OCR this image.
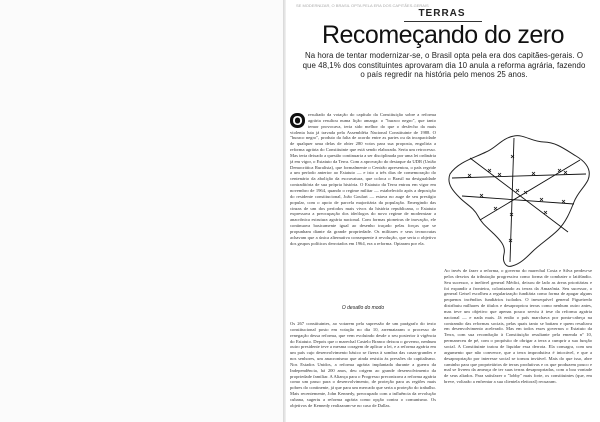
SE MODERNIZAR, O BRASIL OPTA PELA ERA DOS CAPITÃES-GERAIS
TERRAS
Recomeçando do zero
Na hora de tentar modernizar-se, o Brasil opta pela era dos capitães-gerais. O que 48,1% dos constituintes aprovaram dia 10 anula a reforma agrária, fazendo o país regredir na história pelo menos 25 anos.
O	resultado da votação do capítulo da Constituição sobre a reforma agrária resultou numa lição amarga: o "buraco negro", que tanto temor provocava, teria sido melhor do que o desfecho da mais violenta luta já travada pela Assembléia Nacional Constituinte de 1988. O "buraco negro", produto da falta de acordo entre as partes ou da incapacidade de qualquer uma delas de obter 280 votos para sua proposta, engoliria a reforma agrária do Constituinte que está sendo elaborada. Seria um retrocesso. Mas teria deixado a questão continuaria a ser disciplinada por uma lei ordinária já em vigor, o Estatuto da Terra. Com a aprovação do destaque da UDR (União Democrática Ruralista), que formalmente o Centrão apresentou, o país regride a um período anterior ao Estatuto — e isto a três dias de comemoração do centenário da abolição da escravatura, que coloca o Brasil na desigualdade contraditória de sua própria história. O Estatuto da Terra entrou em vigor em novembro de 1964, quando o regime militar — estabelecido após a deposição do residente constitucional, João Goulart — estava no auge de seu prestígio popular, com o apoio de parcela majoritária da população. Emergindo das cinzas de um dos períodos mais vivos da história republicana, o Estatuto expressava a preocupação dos ideólogos do novo regime de modernizar a anacrônica estrutura agrária nacional. Com formas pioneiras de inovação, ele continuava basicamente igual ao desenho traçado pelas forças que se propunham diante da grande propriedade. Os militares e seus tecnocratas achavam que a única alternativa consequente à revolução, que seria o objetivo dos grupos políticos derrotados em 1964, era a reforma. Optaram por ela.

O desafio do modo

Os 267 constituintes, ao votarem pela supressão de um parágrafo do texto constitucional posto em votação no dia 10, arremataram o processo de renegação dessa reforma, que vem evoluindo desde o seu posterior à vigência do Estatuto. Depois que o marechal Castelo Branco deixou o governo, nenhum outro presidente teve a mesma coragem de aplicar a lei, e a reforma agrária em um país cujo desenvolvimento básico se fizera à sombra das casas-grandes e nos senhores, um anacronismo que ainda resistia às pressões do capitalismo. Nos Estados Unidos, a reforma agrária implantada durante a guerra da Independência, há 200 anos, deu origem ao grande desenvolvimento da propriedade familiar. A Aliança para o Progresso preconizava a reforma agrária como um passo para o desenvolvimento, de proteção para as regiões mais pobres do continente, já que para um mercado que seria a proteção do trabalho. Mais recentemente, John Kennedy, preocupado com a influência da revolução cubana, sugeriu a reforma agrária como opção contra o comunismo. Os objetivos de Kennedy realizaram-se no caso de Dallas.

Ao invés de fazer a reforma, o governo do marechal Costa e Silva perdeu-se pelos desvios da tributação progressiva como forma de combater o latifúndio. Seu sucessor, o inefável general Médici, deixou de lado as áreas prioritárias e foi expandir a fronteira, colonizando as terras da Amazônia. Seu sucessor, o general Geisel escolheu a regularização fundiária como forma de apagar alguns pequenos incêndios fundiários isolados. O inexequível general Figueiredo distribuiu milhares de títulos e desapropriou terras como nenhum outro antes, mas teve um objetivo que apenas pouco serviu à tese da reforma agrária nacional — e nada mais. Já então o país marchava por ponta-cabeça na contramão das reformas sociais, pelas quais tanto se batiam e quem resultava em desenvolvimento acelerado. Mas em todos esses governos o Estatuto da Terra, com sua recondução à Constituição resultante pela emenda nº 10, permaneceu de pé, com o propósito de obrigar a terra a cumprir a sua função social. A Constituinte tratou de liquidar essa derrota. Ela consagra, com um argumento que não convence, que a terra improdutiva é intocável, e que a desapropriação por interesse social se tornou inviável. Mais do que isso, abre caminho para que proprietários de terras produtivas e os que produzem pouco e mal se livrem da ameaça de ter suas terras desapropriadas, com a boa vontade de seus aliados. Para satisfazer o "lobby" mais forte, os constituintes (que, em breve, voltarão a enfrentar a sua clientela eleitoral) recuaram.
